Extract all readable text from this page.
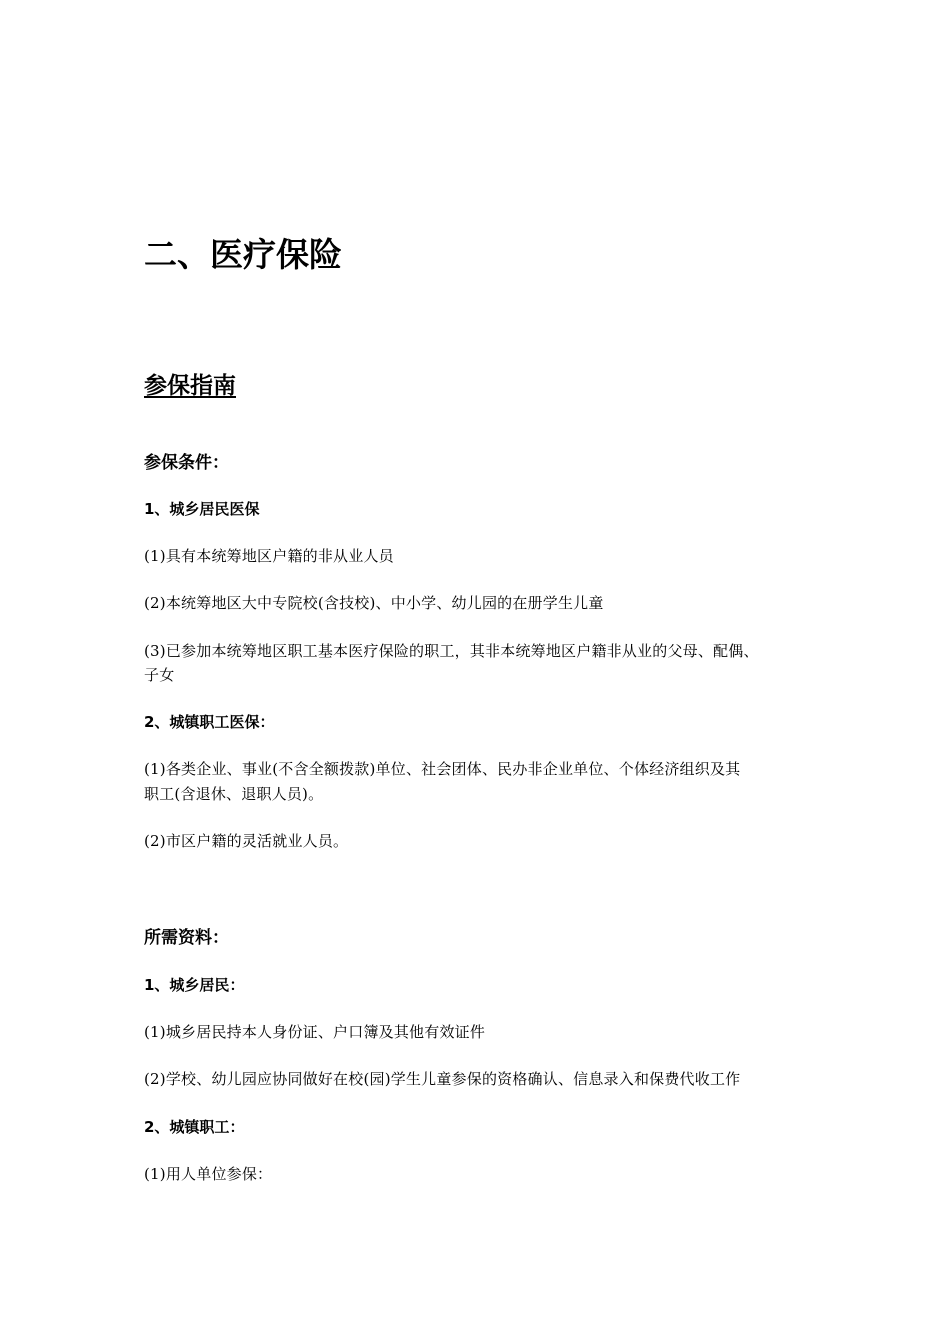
二、医疗保险
参保指南
参保条件：
1、城乡居民医保
(1)具有本统筹地区户籍的非从业人员
(2)本统筹地区大中专院校(含技校)、中小学、幼儿园的在册学生儿童
(3)已参加本统筹地区职工基本医疗保险的职工，其非本统筹地区户籍非从业的父母、配偶、
子女
2、城镇职工医保：
(1)各类企业、事业(不含全额拨款)单位、社会团体、民办非企业单位、个体经济组织及其
职工(含退休、退职人员)。
(2)市区户籍的灵活就业人员。
所需资料：
1、城乡居民：
(1)城乡居民持本人身份证、户口簿及其他有效证件
(2)学校、幼儿园应协同做好在校(园)学生儿童参保的资格确认、信息录入和保费代收工作
2、城镇职工：
(1)用人单位参保：
